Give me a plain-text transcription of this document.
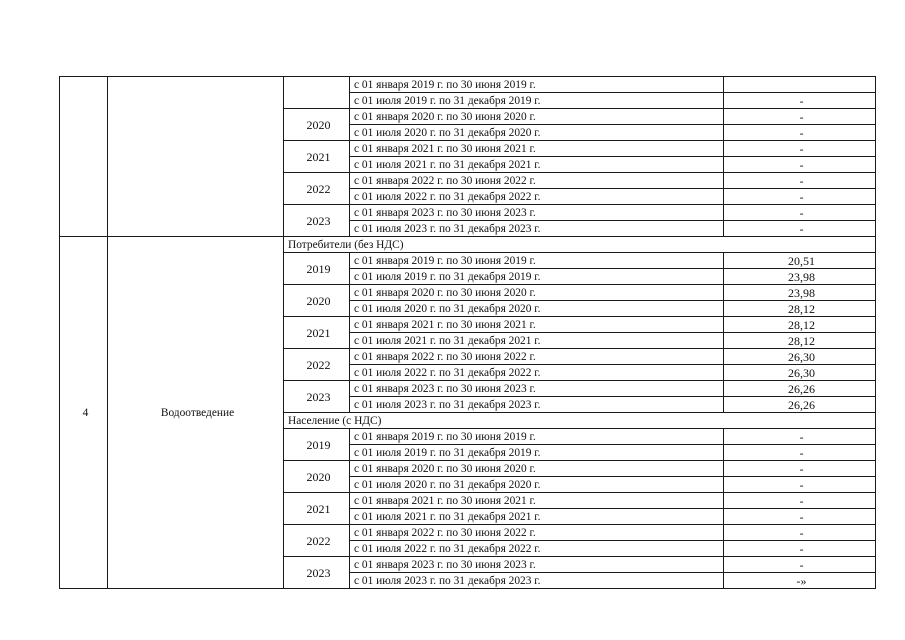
			с 01 января 2019 г. по 30 июня 2019 г.	
			с 01 июля 2019 г. по 31 декабря 2019 г.	-
		2020	с 01 января 2020 г. по 30 июня 2020 г.	-
			с 01 июля 2020 г. по 31 декабря 2020 г.	-
		2021	с 01 января 2021 г. по 30 июня 2021 г.	-
			с 01 июля 2021 г. по 31 декабря 2021 г.	-
		2022	с 01 января 2022 г. по 30 июня 2022 г.	-
			с 01 июля 2022 г. по 31 декабря 2022 г.	-
		2023	с 01 января 2023 г. по 30 июня 2023 г.	-
			с 01 июля 2023 г. по 31 декабря 2023 г.	-
4	Водоотведение	Потребители (без НДС)		
		2019	с 01 января 2019 г. по 30 июня 2019 г.	20,51
			с 01 июля 2019 г. по 31 декабря 2019 г.	23,98
		2020	с 01 января 2020 г. по 30 июня 2020 г.	23,98
			с 01 июля 2020 г. по 31 декабря 2020 г.	28,12
		2021	с 01 января 2021 г. по 30 июня 2021 г.	28,12
			с 01 июля 2021 г. по 31 декабря 2021 г.	28,12
		2022	с 01 января 2022 г. по 30 июня 2022 г.	26,30
			с 01 июля 2022 г. по 31 декабря 2022 г.	26,30
		2023	с 01 января 2023 г. по 30 июня 2023 г.	26,26
			с 01 июля 2023 г. по 31 декабря 2023 г.	26,26
		Население (с НДС)		
		2019	с 01 января 2019 г. по 30 июня 2019 г.	-
			с 01 июля 2019 г. по 31 декабря 2019 г.	-
		2020	с 01 января 2020 г. по 30 июня 2020 г.	-
			с 01 июля 2020 г. по 31 декабря 2020 г.	-
		2021	с 01 января 2021 г. по 30 июня 2021 г.	-
			с 01 июля 2021 г. по 31 декабря 2021 г.	-
		2022	с 01 января 2022 г. по 30 июня 2022 г.	-
			с 01 июля 2022 г. по 31 декабря 2022 г.	-
		2023	с 01 января 2023 г. по 30 июня 2023 г.	-
			с 01 июля 2023 г. по 31 декабря 2023 г.	-»
